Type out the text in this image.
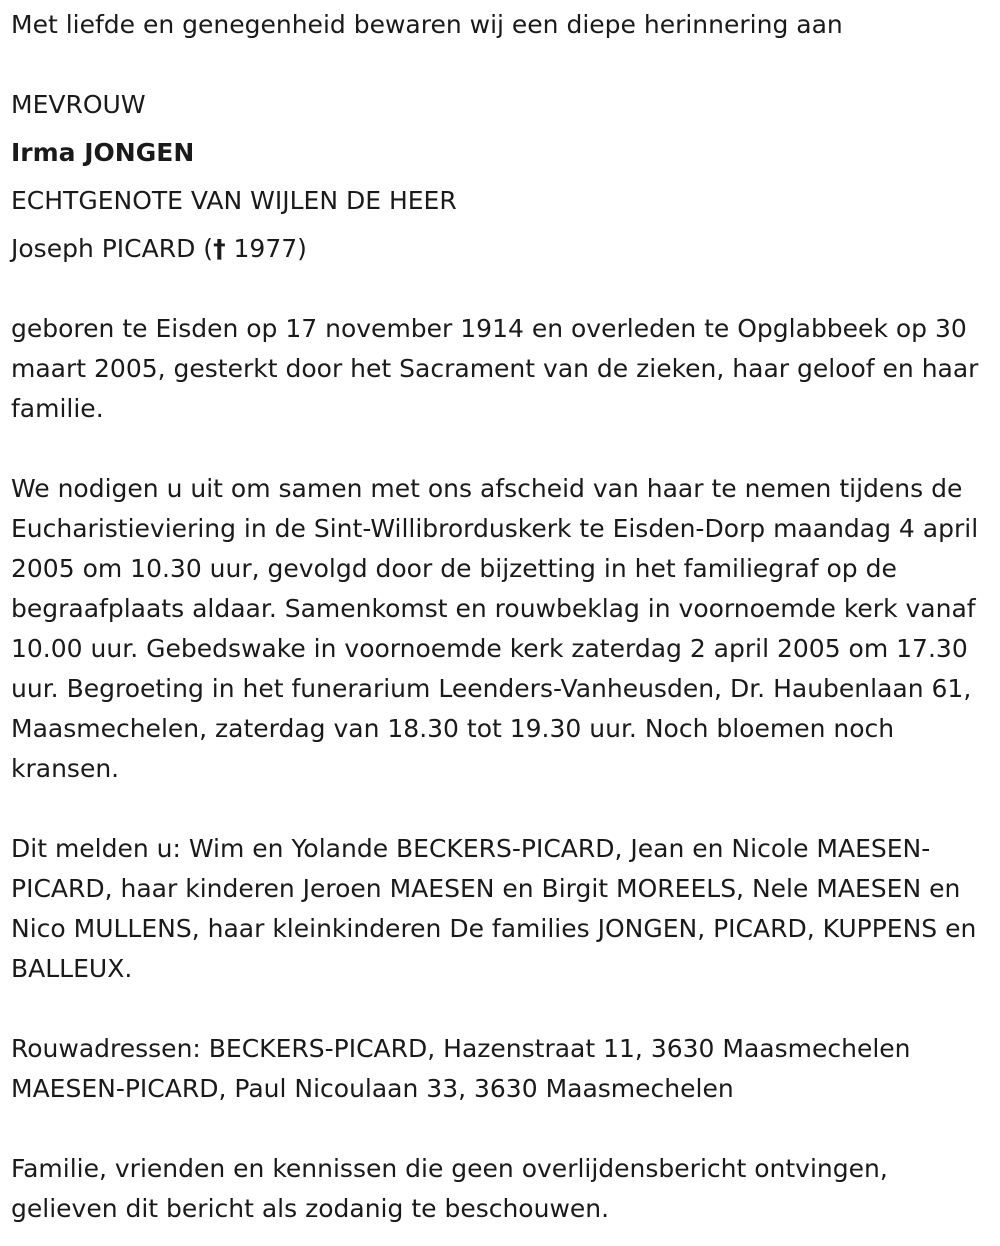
Met liefde en genegenheid bewaren wij een diepe herinnering aan

MEVROUW

Irma JONGEN

ECHTGENOTE VAN WIJLEN DE HEER

Joseph PICARD († 1977)

geboren te Eisden op 17 november 1914 en overleden te Opglabbeek op 30 maart 2005, gesterkt door het Sacrament van de zieken, haar geloof en haar familie.

We nodigen u uit om samen met ons afscheid van haar te nemen tijdens de Eucharistieviering in de Sint-Willibrorduskerk te Eisden-Dorp maandag 4 april 2005 om 10.30 uur, gevolgd door de bijzetting in het familiegraf op de begraafplaats aldaar. Samenkomst en rouwbeklag in voornoemde kerk vanaf 10.00 uur. Gebedswake in voornoemde kerk zaterdag 2 april 2005 om 17.30 uur. Begroeting in het funerarium Leenders-Vanheusden, Dr. Haubenlaan 61, Maasmechelen, zaterdag van 18.30 tot 19.30 uur. Noch bloemen noch kransen.

Dit melden u: Wim en Yolande BECKERS-PICARD, Jean en Nicole MAESEN-PICARD, haar kinderen Jeroen MAESEN en Birgit MOREELS, Nele MAESEN en Nico MULLENS, haar kleinkinderen De families JONGEN, PICARD, KUPPENS en BALLEUX.

Rouwadressen: BECKERS-PICARD, Hazenstraat 11, 3630 Maasmechelen

MAESEN-PICARD, Paul Nicoulaan 33, 3630 Maasmechelen

Familie, vrienden en kennissen die geen overlijdensbericht ontvingen, gelieven dit bericht als zodanig te beschouwen.
